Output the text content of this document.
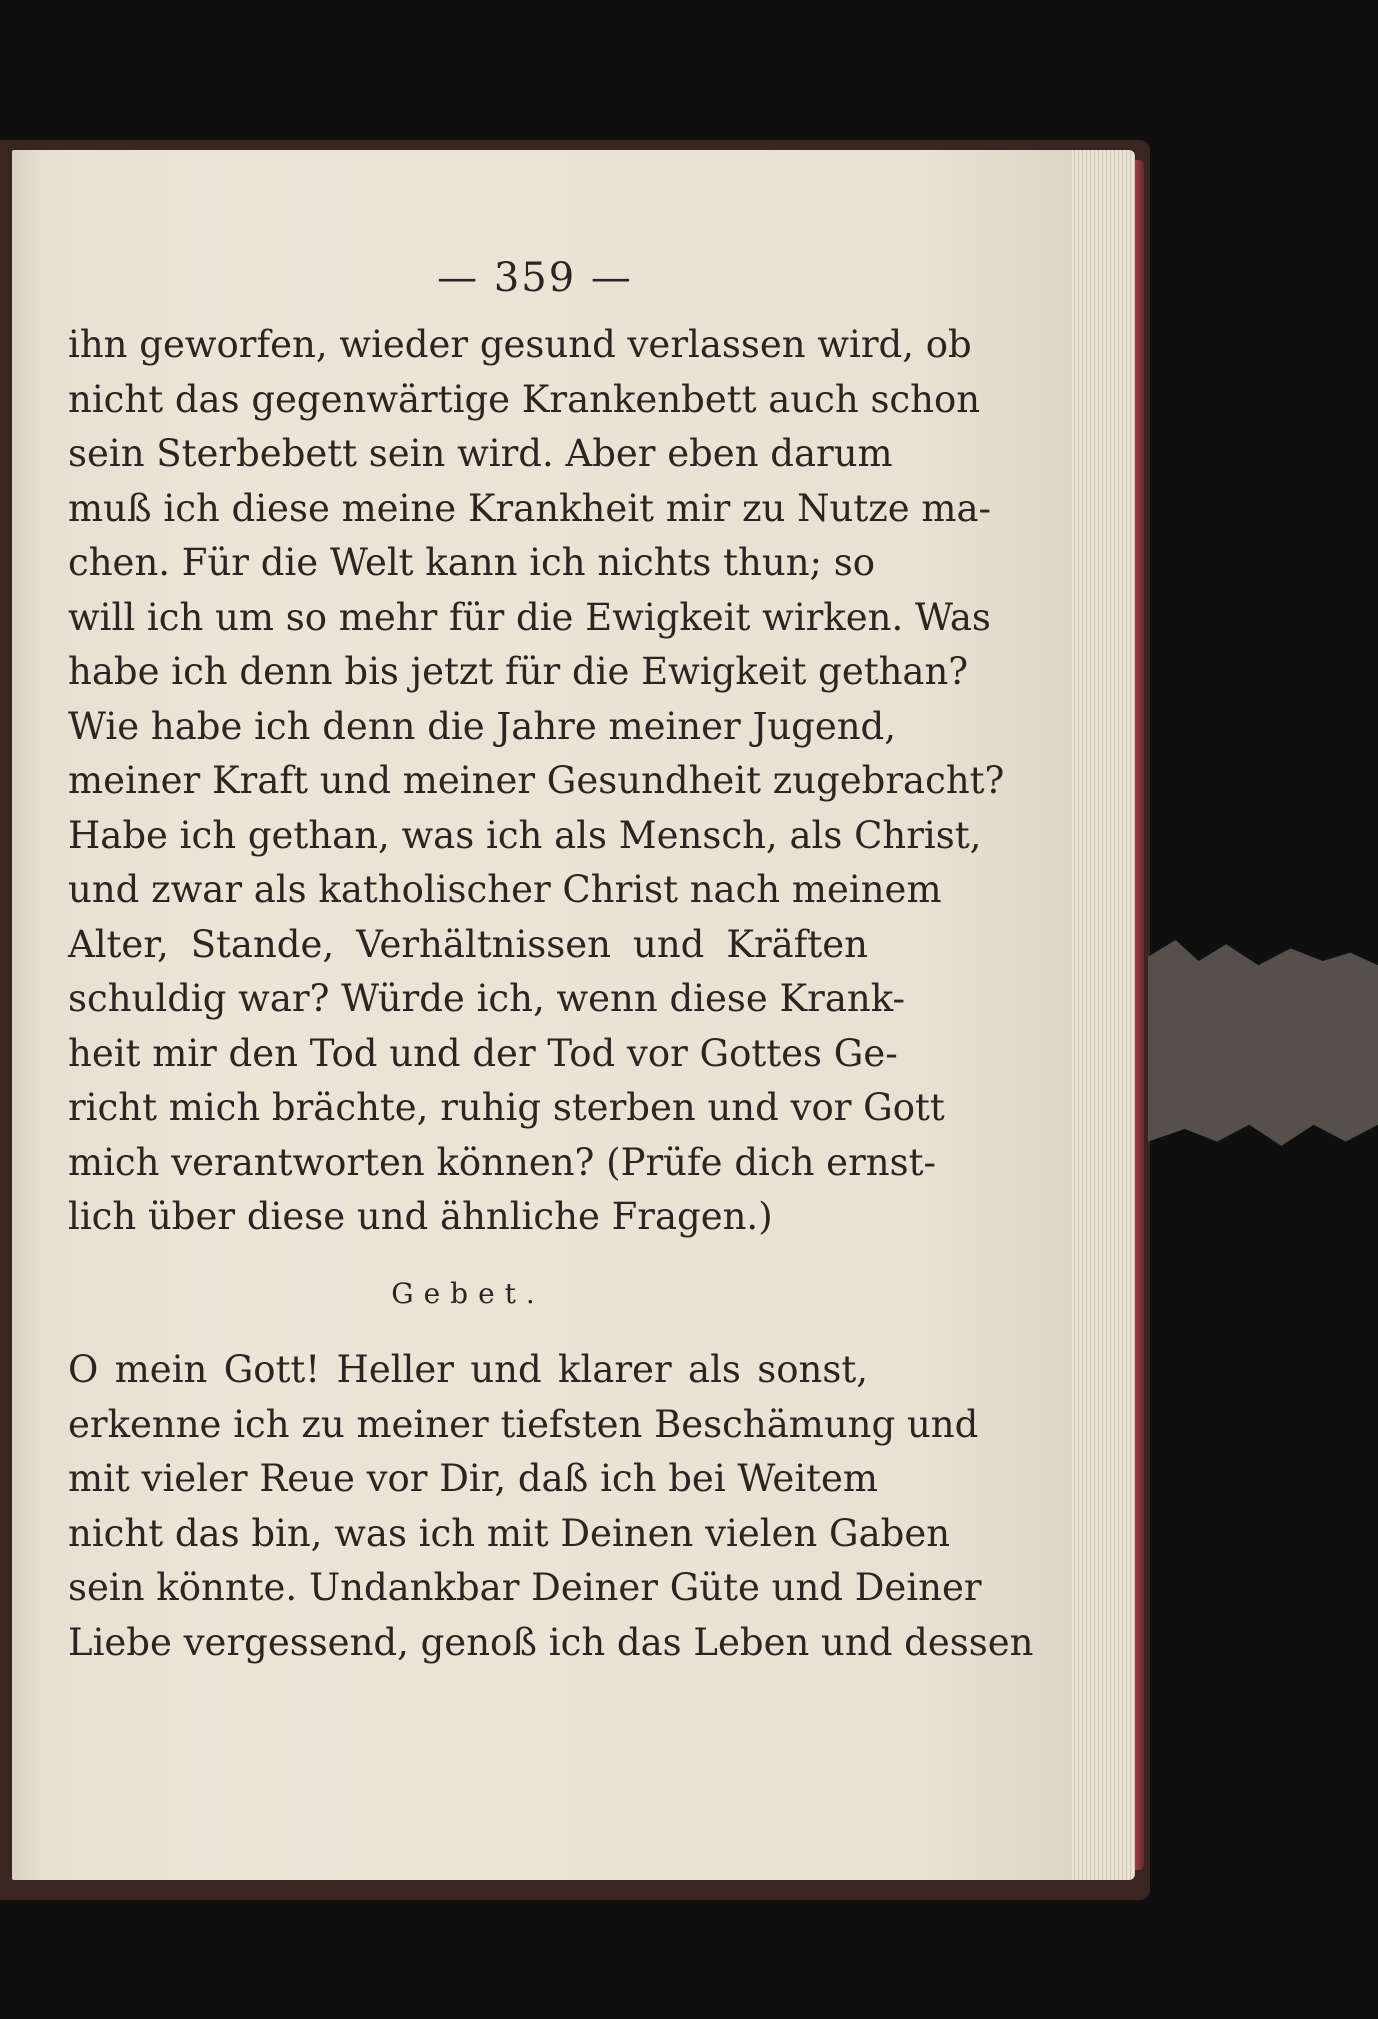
— 359 —
ihn geworfen, wieder gesund verlassen wird, ob
nicht das gegenwärtige Krankenbett auch schon
sein Sterbebett sein wird. Aber eben darum
muß ich diese meine Krankheit mir zu Nutze ma-
chen. Für die Welt kann ich nichts thun; so
will ich um so mehr für die Ewigkeit wirken. Was
habe ich denn bis jetzt für die Ewigkeit gethan?
Wie habe ich denn die Jahre meiner Jugend,
meiner Kraft und meiner Gesundheit zugebracht?
Habe ich gethan, was ich als Mensch, als Christ,
und zwar als katholischer Christ nach meinem
Alter, Stande, Verhältnissen und Kräften
schuldig war? Würde ich, wenn diese Krank-
heit mir den Tod und der Tod vor Gottes Ge-
richt mich brächte, ruhig sterben und vor Gott
mich verantworten können? (Prüfe dich ernst-
lich über diese und ähnliche Fragen.)
Gebet.
O mein Gott! Heller und klarer als sonst,
erkenne ich zu meiner tiefsten Beschämung und
mit vieler Reue vor Dir, daß ich bei Weitem
nicht das bin, was ich mit Deinen vielen Gaben
sein könnte. Undankbar Deiner Güte und Deiner
Liebe vergessend, genoß ich das Leben und dessen
